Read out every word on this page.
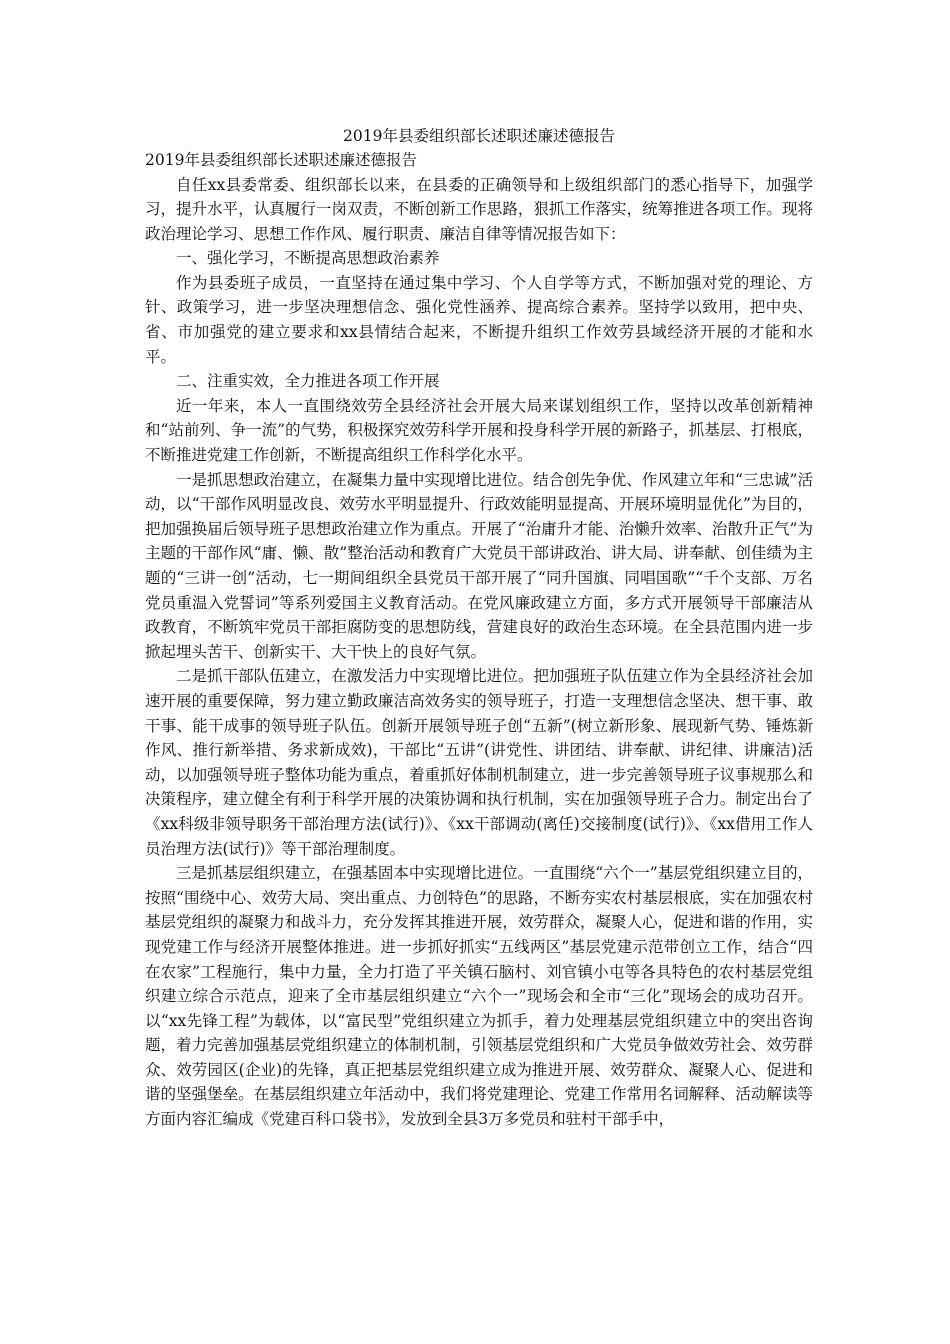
2019年县委组织部长述职述廉述德报告

2019年县委组织部长述职述廉述德报告

自任xx县委常委、组织部长以来，在县委的正确领导和上级组织部门的悉心指导下，加强学习，提升水平，认真履行一岗双责，不断创新工作思路，狠抓工作落实，统筹推进各项工作。现将政治理论学习、思想工作作风、履行职责、廉洁自律等情况报告如下：

一、强化学习，不断提高思想政治素养

作为县委班子成员，一直坚持在通过集中学习、个人自学等方式，不断加强对党的理论、方针、政策学习，进一步坚决理想信念、强化党性涵养、提高综合素养。坚持学以致用，把中央、省、市加强党的建立要求和xx县情结合起来，不断提升组织工作效劳县域经济开展的才能和水平。

二、注重实效，全力推进各项工作开展

近一年来，本人一直围绕效劳全县经济社会开展大局来谋划组织工作，坚持以改革创新精神和“站前列、争一流”的气势，积极探究效劳科学开展和投身科学开展的新路子，抓基层、打根底，不断推进党建工作创新，不断提高组织工作科学化水平。

一是抓思想政治建立，在凝集力量中实现增比进位。结合创先争优、作风建立年和“三忠诚”活动，以“干部作风明显改良、效劳水平明显提升、行政效能明显提高、开展环境明显优化”为目的，把加强换届后领导班子思想政治建立作为重点。开展了“治庸升才能、治懒升效率、治散升正气”为主题的干部作风“庸、懒、散”整治活动和教育广大党员干部讲政治、讲大局、讲奉献、创佳绩为主题的“三讲一创”活动，七一期间组织全县党员干部开展了“同升国旗、同唱国歌”“千个支部、万名党员重温入党誓词”等系列爱国主义教育活动。在党风廉政建立方面，多方式开展领导干部廉洁从政教育，不断筑牢党员干部拒腐防变的思想防线，营建良好的政治生态环境。在全县范围内进一步掀起埋头苦干、创新实干、大干快上的良好气氛。

二是抓干部队伍建立，在激发活力中实现增比进位。把加强班子队伍建立作为全县经济社会加速开展的重要保障，努力建立勤政廉洁高效务实的领导班子，打造一支理想信念坚决、想干事、敢干事、能干成事的领导班子队伍。创新开展领导班子创“五新”(树立新形象、展现新气势、锤炼新作风、推行新举措、务求新成效)，干部比“五讲”(讲党性、讲团结、讲奉献、讲纪律、讲廉洁)活动，以加强领导班子整体功能为重点，着重抓好体制机制建立，进一步完善领导班子议事规那么和决策程序，建立健全有利于科学开展的决策协调和执行机制，实在加强领导班子合力。制定出台了《xx科级非领导职务干部治理方法(试行)》、《xx干部调动(离任)交接制度(试行)》、《xx借用工作人员治理方法(试行)》等干部治理制度。

三是抓基层组织建立，在强基固本中实现增比进位。一直围绕“六个一”基层党组织建立目的，按照“围绕中心、效劳大局、突出重点、力创特色”的思路，不断夯实农村基层根底，实在加强农村基层党组织的凝聚力和战斗力，充分发挥其推进开展，效劳群众，凝聚人心，促进和谐的作用，实现党建工作与经济开展整体推进。进一步抓好抓实“五线两区”基层党建示范带创立工作，结合“四在农家”工程施行，集中力量，全力打造了平关镇石脑村、刘官镇小屯等各具特色的农村基层党组织建立综合示范点，迎来了全市基层组织建立“六个一”现场会和全市“三化”现场会的成功召开。以“xx先锋工程”为载体，以“富民型”党组织建立为抓手，着力处理基层党组织建立中的突出咨询题，着力完善加强基层党组织建立的体制机制，引领基层党组织和广大党员争做效劳社会、效劳群众、效劳园区(企业)的先锋，真正把基层党组织建立成为推进开展、效劳群众、凝聚人心、促进和谐的坚强堡垒。在基层组织建立年活动中，我们将党建理论、党建工作常用名词解释、活动解读等方面内容汇编成《党建百科口袋书》，发放到全县3万多党员和驻村干部手中，
